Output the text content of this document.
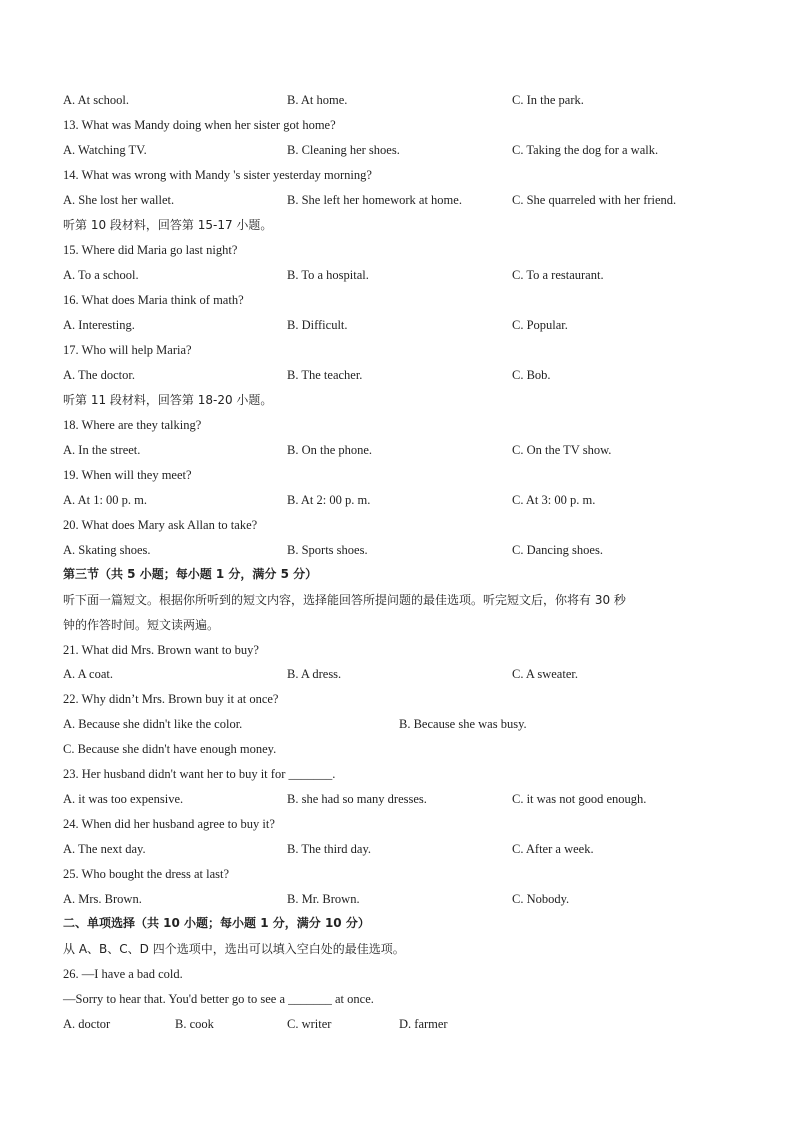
A. At school.	B. At home.	C. In the park.
13. What was Mandy doing when her sister got home?
A. Watching TV.	B. Cleaning her shoes.	C. Taking the dog for a walk.
14. What was wrong with Mandy 's sister yesterday morning?
A. She lost her wallet.	B. She left her homework at home.	C. She quarreled with her friend.
听第 10 段材料，回答第 15-17 小题。
15. Where did Maria go last night?
A. To a school.	B. To a hospital.	C. To a restaurant.
16. What does Maria think of math?
A. Interesting.	B. Difficult.	C. Popular.
17. Who will help Maria?
A. The doctor.	B. The teacher.	C. Bob.
听第 11 段材料，回答第 18-20 小题。
18. Where are they talking?
A. In the street.	B. On the phone.	C. On the TV show.
19. When will they meet?
A. At 1: 00 p. m.	B. At 2: 00 p. m.	C. At 3: 00 p. m.
20. What does Mary ask Allan to take?
A. Skating shoes.	B. Sports shoes.	C. Dancing shoes.
第三节（共 5 小题；每小题 1 分，满分 5 分）
听下面一篇短文。根据你所听到的短文内容，选择能回答所提问题的最佳选项。听完短文后，你将有 30 秒
钟的作答时间。短文读两遍。
21. What did Mrs. Brown want to buy?
A. A coat.	B. A dress.	C. A sweater.
22. Why didn’t Mrs. Brown buy it at once?
A. Because she didn't like the color.	B. Because she was busy.
C. Because she didn't have enough money.
23. Her husband didn't want her to buy it for _______.
A. it was too expensive.	B. she had so many dresses.	C. it was not good enough.
24. When did her husband agree to buy it?
A. The next day.	B. The third day.	C. After a week.
25. Who bought the dress at last?
A. Mrs. Brown.	B. Mr. Brown.	C. Nobody.
二、单项选择（共 10 小题；每小题 1 分，满分 10 分）
从 A、B、C、D 四个选项中，选出可以填入空白处的最佳选项。
26. —I have a bad cold.
—Sorry to hear that. You'd better go to see a _______ at once.
A. doctor	B. cook	C. writer	D. farmer
